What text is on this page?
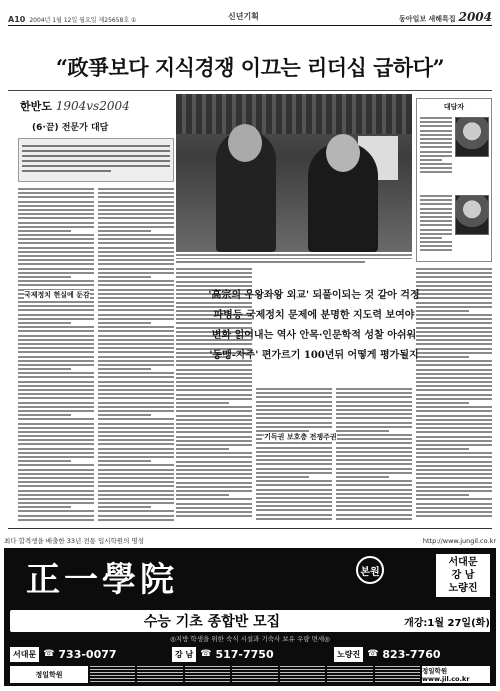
A10 2004년 1월 12일 월요일 제25658호 ①	신년기획	동아일보 새해특집 2004
“政爭보다 지식경쟁 이끄는 리더십 급하다”
한반도 1904vs2004
(6·끝) 전문가 대담
국제정치 현실에 둔감
대담자
'기득권 보호층 전쟁주권
'高宗의 우왕좌왕 외교' 되풀이되는 것 같아 걱정
파병등 국제정치 문제에 분명한 지도력 보여야
변화 읽어내는 역사 안목·인문학적 성찰 아쉬워
'동맹-자주' 편가르기 100년뒤 어떻게 평가될지
최다 합격생을 배출한 33년 전통 입시학원의 명성	http://www.jungil.co.kr
正一學院	본원
서대문
강 남
노량진
수능 기초 종합반 모집	개강:1월 27일(화)
◎지방 학생을 위한 숙식 시설과 기숙사 보유 우량 면세◎
서대문 ☎ 733-0077	강 남 ☎ 517-7750	노량진 ☎ 823-7760
정일학원	정일학원 www.jil.co.kr
